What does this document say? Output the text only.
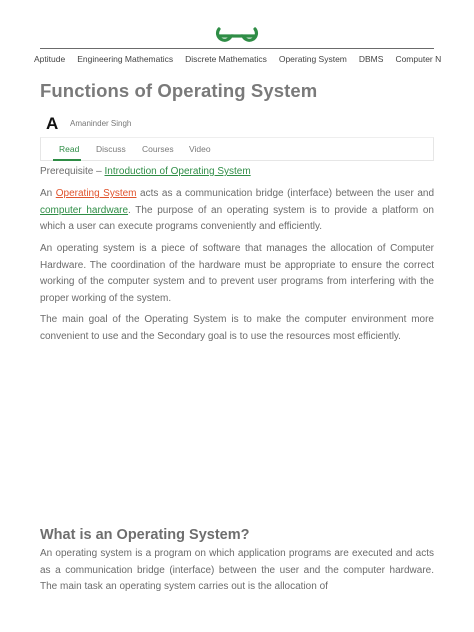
Aptitude Engineering Mathematics Discrete Mathematics Operating System DBMS Computer N
Functions of Operating System
A Amaninder Singh
Read Discuss Courses Video
Prerequisite – Introduction of Operating System

An Operating System acts as a communication bridge (interface) between the user and computer hardware. The purpose of an operating system is to provide a platform on which a user can execute programs conveniently and efficiently.

An operating system is a piece of software that manages the allocation of Computer Hardware. The coordination of the hardware must be appropriate to ensure the correct working of the computer system and to prevent user programs from interfering with the proper working of the system.

The main goal of the Operating System is to make the computer environment more convenient to use and the Secondary goal is to use the resources most efficiently.

What is an Operating System?

An operating system is a program on which application programs are executed and acts as a communication bridge (interface) between the user and the computer hardware. The main task an operating system carries out is the allocation of
